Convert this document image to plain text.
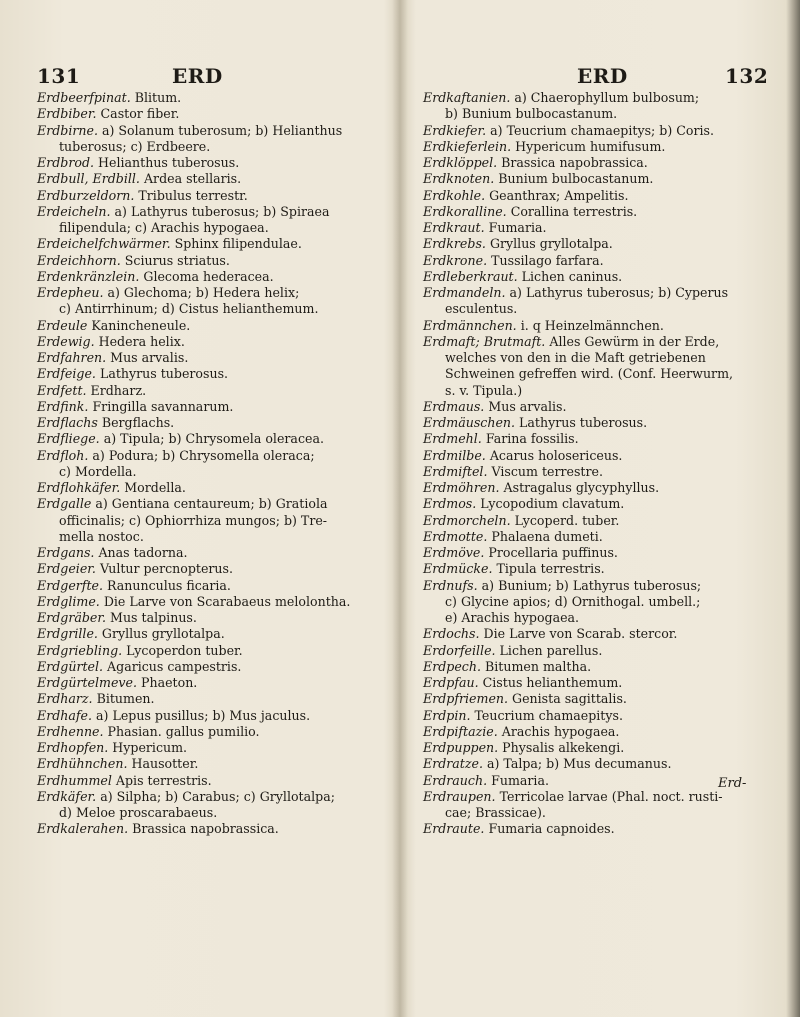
131	ERD	ERD	132
Erdbeerfpinat. Blitum.
Erdbiber. Castor fiber.
Erdbirne. a) Solanum tuberosum; b) Helianthus
tuberosus; c) Erdbeere.
Erdbrod. Helianthus tuberosus.
Erdbull, Erdbill. Ardea stellaris.
Erdburzeldorn. Tribulus terrestr.
Erdeicheln. a) Lathyrus tuberosus; b) Spiraea
filipendula; c) Arachis hypogaea.
Erdeichelfchwärmer. Sphinx filipendulae.
Erdeichhorn. Sciurus striatus.
Erdenkränzlein. Glecoma hederacea.
Erdepheu. a) Glechoma; b) Hedera helix;
c) Antirrhinum; d) Cistus helianthemum.
Erdeule Kaninchenеule.
Erdewig. Hedera helix.
Erdfahren. Mus arvalis.
Erdfeige. Lathyrus tuberosus.
Erdfett. Erdharz.
Erdfink. Fringilla savannarum.
Erdflachs Bergflachs.
Erdfliege. a) Tipula; b) Chrysomela oleracea.
Erdfloh. a) Podura; b) Chrysomella oleraca;
c) Mordella.
Erdflohkäfer. Mordella.
Erdgalle a) Gentiana centaureum; b) Gratiola
officinalis; c) Ophiorrhiza mungos; b) Tre-
mella nostoc.
Erdgans. Anas tadorna.
Erdgeier. Vultur percnopterus.
Erdgerfte. Ranunculus ficaria.
Erdglime. Die Larve von Scarabaeus melolontha.
Erdgräber. Mus talpinus.
Erdgrille. Gryllus gryllotalpa.
Erdgriebling. Lycoperdon tuber.
Erdgürtel. Agaricus campestris.
Erdgürtelmeve. Phaeton.
Erdharz. Bitumen.
Erdhafe. a) Lepus pusillus; b) Mus jaculus.
Erdhenne. Phasian. gallus pumilio.
Erdhopfen. Hypericum.
Erdhühnchen. Hausotter.
Erdhummel Apis terrestris.
Erdkäfer. a) Silpha; b) Carabus; c) Gryllotalpa;
d) Meloe proscarabaeus.
Erdkalerahen. Brassica napobrassica.
Erdkaftanien. a) Chaerophyllum bulbosum;
b) Bunium bulbocastanum.
Erdkiefer. a) Teucrium chamaepitys; b) Coris.
Erdkieferlein. Hypericum humifusum.
Erdklöppel. Brassica napobrassica.
Erdknoten. Bunium bulbocastanum.
Erdkohle. Geanthrax; Ampelitis.
Erdkoralline. Corallina terrestris.
Erdkraut. Fumaria.
Erdkrebs. Gryllus gryllotalpa.
Erdkrone. Tussilago farfara.
Erdleberkraut. Lichen caninus.
Erdmandeln. a) Lathyrus tuberosus; b) Cyperus
esculentus.
Erdmännchen. i. q Heinzelmännchen.
Erdmaft; Brutmaft. Alles Gewürm in der Erde,
welches von den in die Maft getriebenen
Schweinen gefreffen wird. (Conf. Heerwurm,
s. v. Tipula.)
Erdmaus. Mus arvalis.
Erdmäuschen. Lathyrus tuberosus.
Erdmehl. Farina fossilis.
Erdmilbe. Acarus holosericeus.
Erdmiftel. Viscum terrestre.
Erdmöhren. Astragalus glycyphyllus.
Erdmos. Lycopodium clavatum.
Erdmorcheln. Lycoperd. tuber.
Erdmotte. Phalaena dumeti.
Erdmöve. Procellaria puffinus.
Erdmücke. Tipula terrestris.
Erdnufs. a) Bunium; b) Lathyrus tuberosus;
c) Glycine apios; d) Ornithogal. umbell.;
e) Arachis hypogaea.
Erdochs. Die Larve von Scarab. stercor.
Erdorfeille. Lichen parellus.
Erdpech. Bitumen maltha.
Erdpfau. Cistus helianthemum.
Erdpfriemen. Genista sagittalis.
Erdpin. Teucrium chamaepitys.
Erdpiftazie. Arachis hypogaea.
Erdpuppen. Physalis alkekengi.
Erdratze. a) Talpa; b) Mus decumanus.
Erdrauch. Fumaria.
Erdraupen. Terricolae larvae (Phal. noct. rusti-
cae; Brassicae).
Erdraute. Fumaria capnoides.
Erd-
